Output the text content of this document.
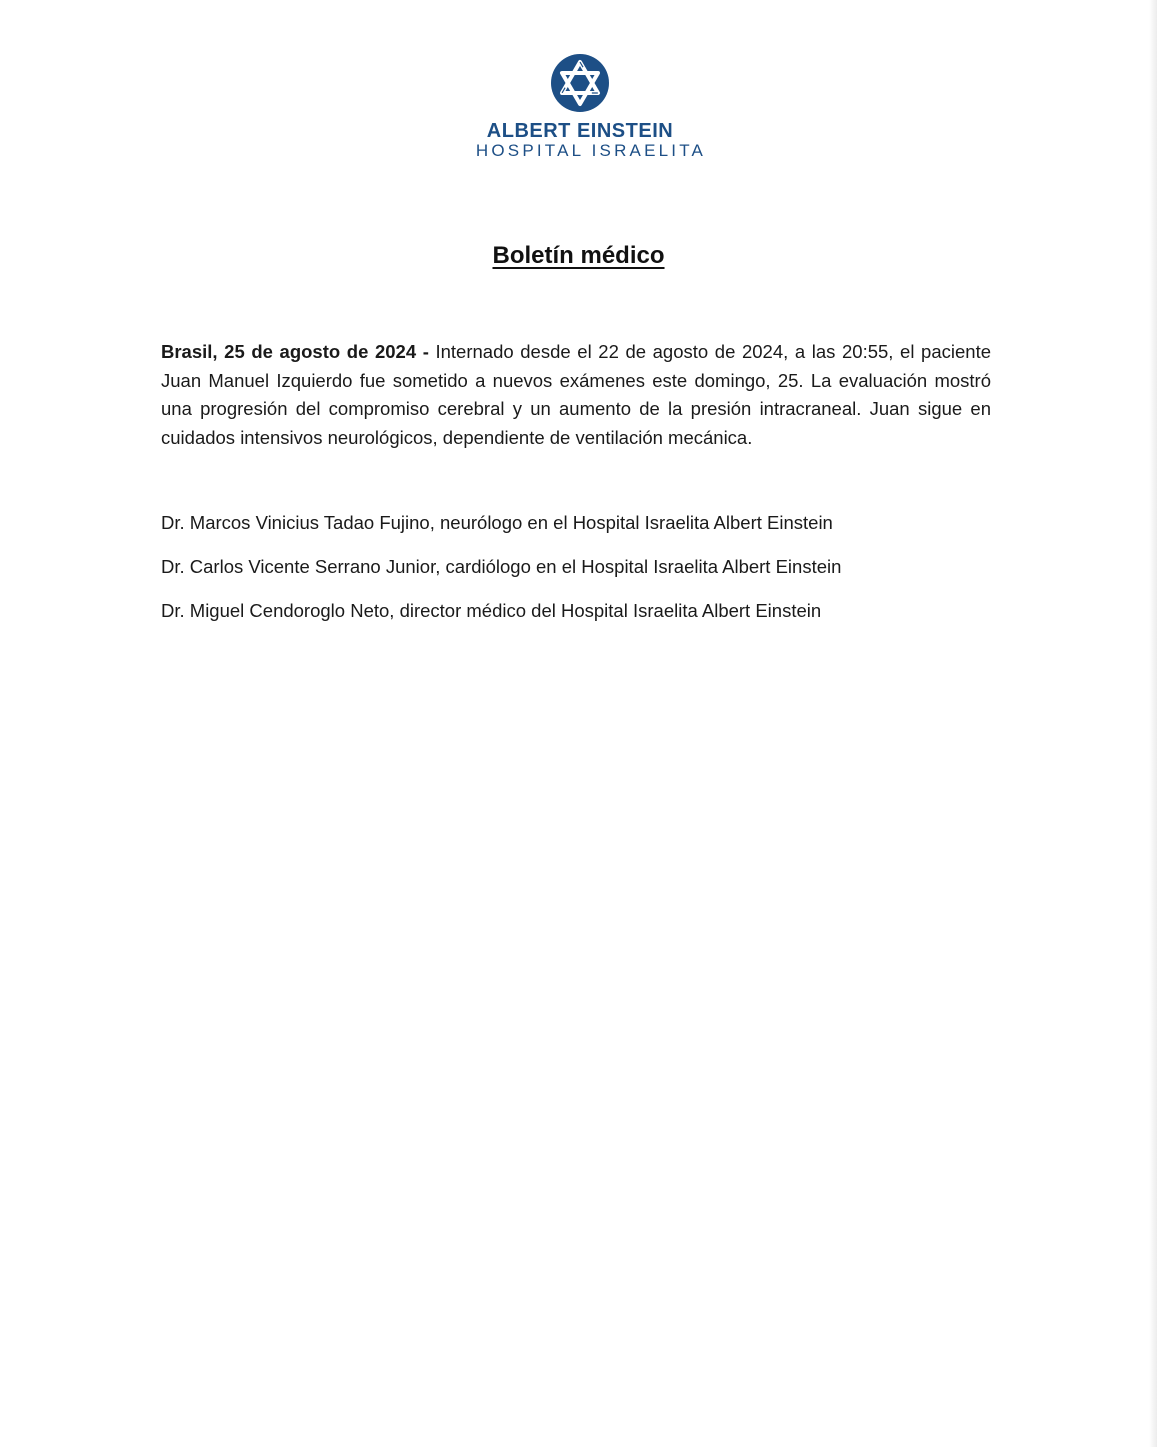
ALBERT EINSTEIN
HOSPITAL ISRAELITA
Boletín médico
Brasil, 25 de agosto de 2024 - Internado desde el 22 de agosto de 2024, a las 20:55, el paciente Juan Manuel Izquierdo fue sometido a nuevos exámenes este domingo, 25. La evaluación mostró una progresión del compromiso cerebral y un aumento de la presión intracraneal. Juan sigue en cuidados intensivos neurológicos, dependiente de ventilación mecánica.
Dr. Marcos Vinicius Tadao Fujino, neurólogo en el Hospital Israelita Albert Einstein
Dr. Carlos Vicente Serrano Junior, cardiólogo en el Hospital Israelita Albert Einstein
Dr. Miguel Cendoroglo Neto, director médico del Hospital Israelita Albert Einstein
